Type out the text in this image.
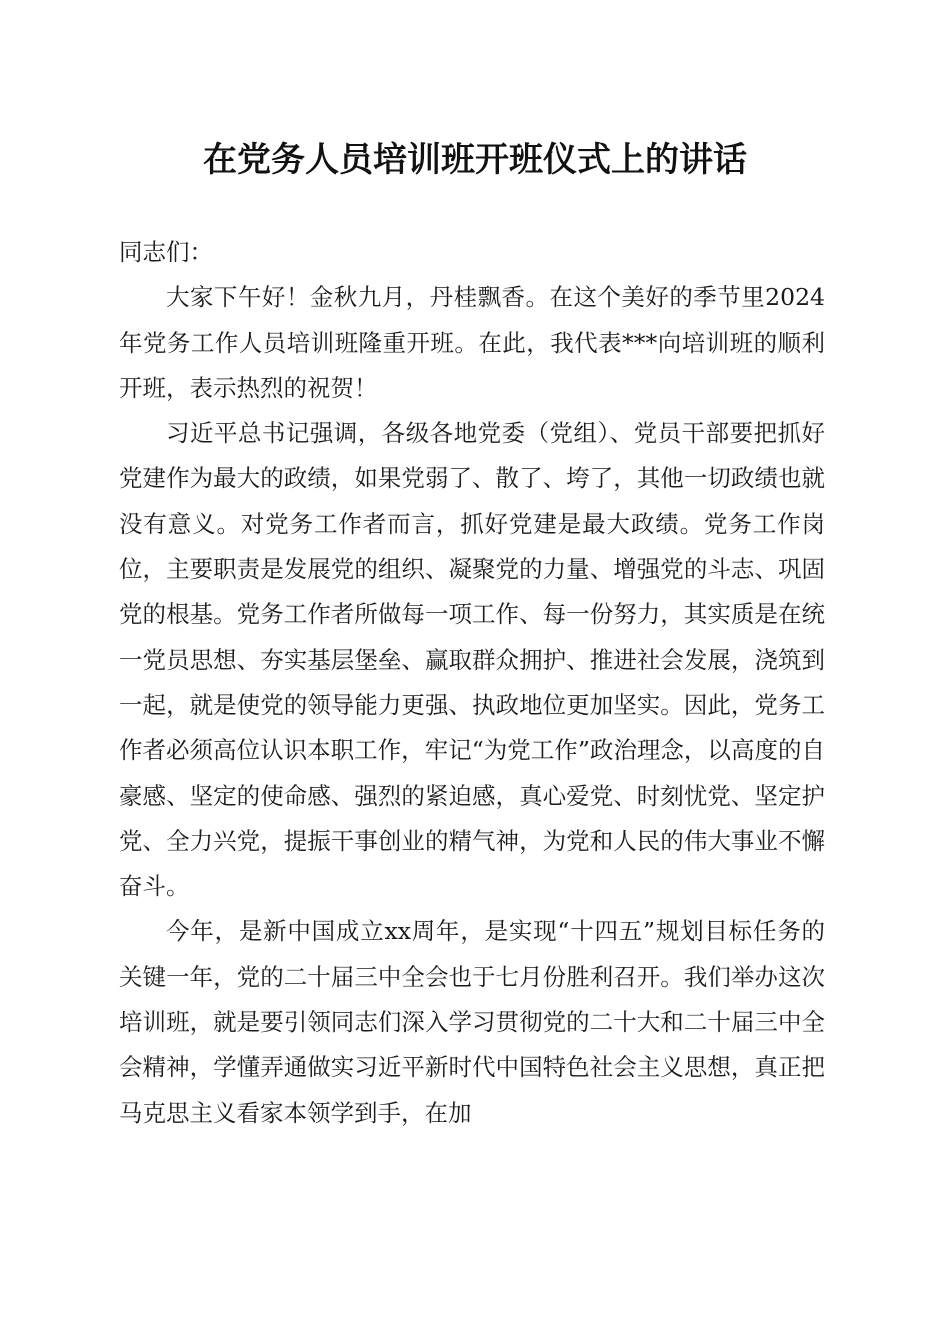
在党务人员培训班开班仪式上的讲话

同志们：

大家下午好！金秋九月，丹桂飘香。在这个美好的季节里2024年党务工作人员培训班隆重开班。在此，我代表***向培训班的顺利开班，表示热烈的祝贺！

习近平总书记强调，各级各地党委（党组）、党员干部要把抓好党建作为最大的政绩，如果党弱了、散了、垮了，其他一切政绩也就没有意义。对党务工作者而言，抓好党建是最大政绩。党务工作岗位，主要职责是发展党的组织、凝聚党的力量、增强党的斗志、巩固党的根基。党务工作者所做每一项工作、每一份努力，其实质是在统一党员思想、夯实基层堡垒、赢取群众拥护、推进社会发展，浇筑到一起，就是使党的领导能力更强、执政地位更加坚实。因此，党务工作者必须高位认识本职工作，牢记“为党工作”政治理念，以高度的自豪感、坚定的使命感、强烈的紧迫感，真心爱党、时刻忧党、坚定护党、全力兴党，提振干事创业的精气神，为党和人民的伟大事业不懈奋斗。

今年，是新中国成立xx周年，是实现“十四五”规划目标任务的关键一年，党的二十届三中全会也于七月份胜利召开。我们举办这次培训班，就是要引领同志们深入学习贯彻党的二十大和二十届三中全会精神，学懂弄通做实习近平新时代中国特色社会主义思想，真正把马克思主义看家本领学到手，在加
